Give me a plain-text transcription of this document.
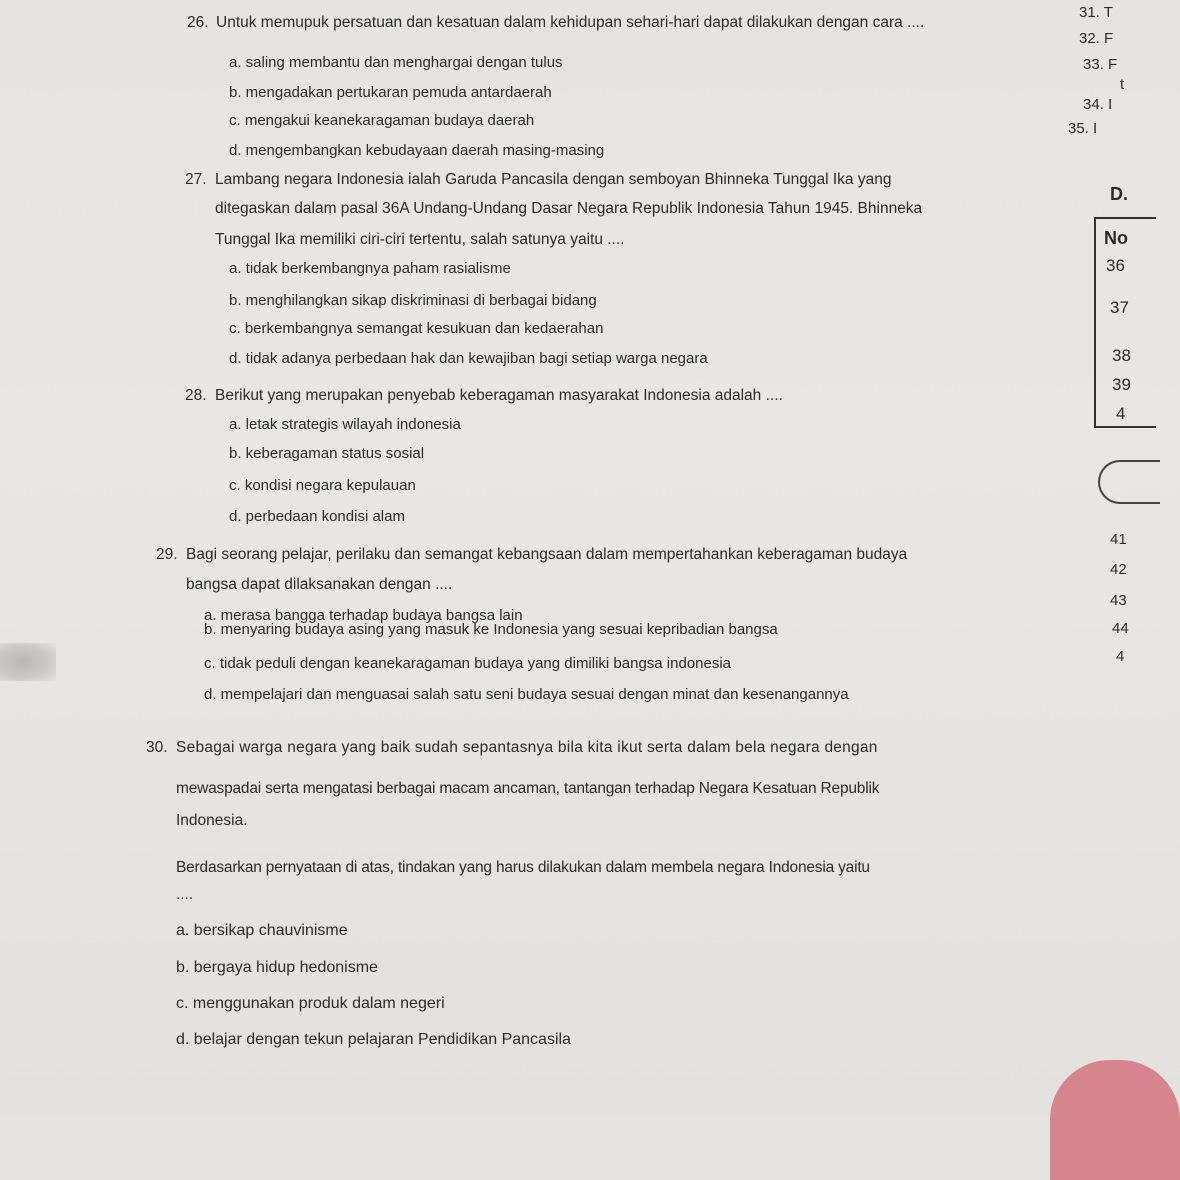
26. Untuk memupuk persatuan dan kesatuan dalam kehidupan sehari-hari dapat dilakukan dengan cara ....
a. saling membantu dan menghargai dengan tulus
b. mengadakan pertukaran pemuda antardaerah
c. mengakui keanekaragaman budaya daerah
d. mengembangkan kebudayaan daerah masing-masing
27. Lambang negara Indonesia ialah Garuda Pancasila dengan semboyan Bhinneka Tunggal Ika yang
ditegaskan dalam pasal 36A Undang-Undang Dasar Negara Republik Indonesia Tahun 1945. Bhinneka
Tunggal Ika memiliki ciri-ciri tertentu, salah satunya yaitu ....
a. tidak berkembangnya paham rasialisme
b. menghilangkan sikap diskriminasi di berbagai bidang
c. berkembangnya semangat kesukuan dan kedaerahan
d. tidak adanya perbedaan hak dan kewajiban bagi setiap warga negara
28. Berikut yang merupakan penyebab keberagaman masyarakat Indonesia adalah ....
a. letak strategis wilayah indonesia
b. keberagaman status sosial
c. kondisi negara kepulauan
d. perbedaan kondisi alam
29. Bagi seorang pelajar, perilaku dan semangat kebangsaan dalam mempertahankan keberagaman budaya
bangsa dapat dilaksanakan dengan ....
a. merasa bangga terhadap budaya bangsa lain
b. menyaring budaya asing yang masuk ke Indonesia yang sesuai kepribadian bangsa
c. tidak peduli dengan keanekaragaman budaya yang dimiliki bangsa indonesia
d. mempelajari dan menguasai salah satu seni budaya sesuai dengan minat dan kesenangannya
30. Sebagai warga negara yang baik sudah sepantasnya bila kita ikut serta dalam bela negara dengan
mewaspadai serta mengatasi berbagai macam ancaman, tantangan terhadap Negara Kesatuan Republik
Indonesia.
Berdasarkan pernyataan di atas, tindakan yang harus dilakukan dalam membela negara Indonesia yaitu
....
a. bersikap chauvinisme
b. bergaya hidup hedonisme
c. menggunakan produk dalam negeri
d. belajar dengan tekun pelajaran Pendidikan Pancasila
31. T
32. F
33. F
t
34. I
35. I
D.
No
36
37
38
39
4
41
42
43
44
4
